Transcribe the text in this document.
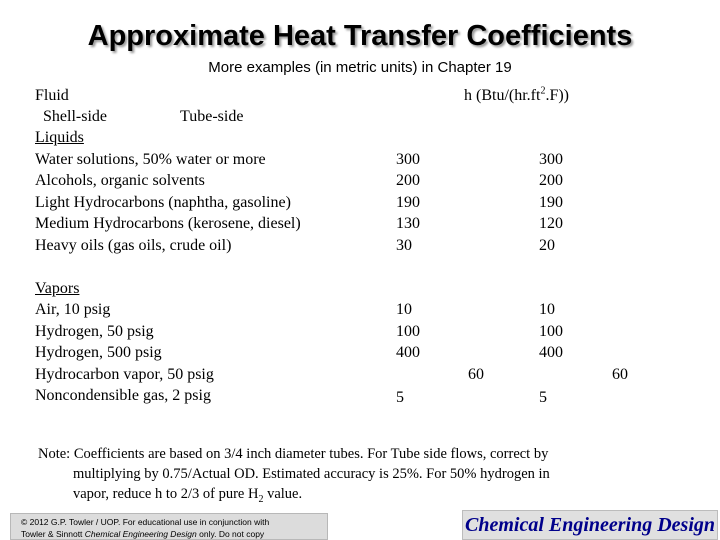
Approximate Heat Transfer Coefficients
More examples (in metric units) in Chapter 19
Fluid	h $(Btu/(hr.ft^2.F))$
Shell-side	Tube-side
Liquids
Water solutions, 50% water or more	300	300
Alcohols, organic solvents	200	200
Light Hydrocarbons (naphtha, gasoline)	190	190
Medium Hydrocarbons (kerosene, diesel)	130	120
Heavy oils (gas oils, crude oil)	30	20
Vapors
Air, 10 psig	10	10
Hydrogen, 50 psig	100	100
Hydrogen, 500 psig	400	400
Hydrocarbon vapor, 50 psig	60	60
Noncondensible gas, 2 psig	5	5
Note: Coefficients are based on 3/4 inch diameter tubes. For Tube side flows, correct by
multiplying by 0.75/Actual OD. Estimated accuracy is 25%. For 50% hydrogen in
vapor, reduce h to 2/3 of pure $H_2$ value.
© 2012 G.P. Towler / UOP. For educational use in conjunction with
Towler & Sinnott Chemical Engineering Design only. Do not copy	Chemical Engineering Design
